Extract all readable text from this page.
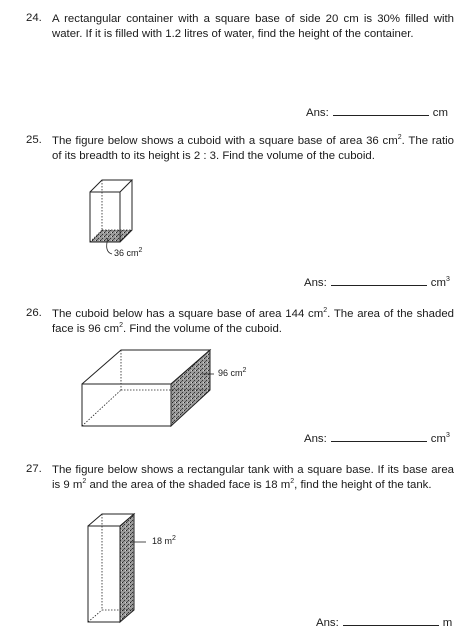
24. A rectangular container with a square base of side 20 cm is 30% filled with water. If it is filled with 1.2 litres of water, find the height of the container.
Ans:	cm
25. The figure below shows a cuboid with a square base of area 36 $cm^2$. The ratio of its breadth to its height is 2 : 3. Find the volume of the cuboid.
36 $cm^2$
Ans:	$cm^3$
26. The cuboid below has a square base of area 144 $cm^2$. The area of the shaded face is 96 $cm^2$. Find the volume of the cuboid.
96 $cm^2$
Ans:	$cm^3$
27. The figure below shows a rectangular tank with a square base. If its base area is 9 $m^2$ and the area of the shaded face is 18 $m^2$, find the height of the tank.
18 $m^2$
Ans:	m
